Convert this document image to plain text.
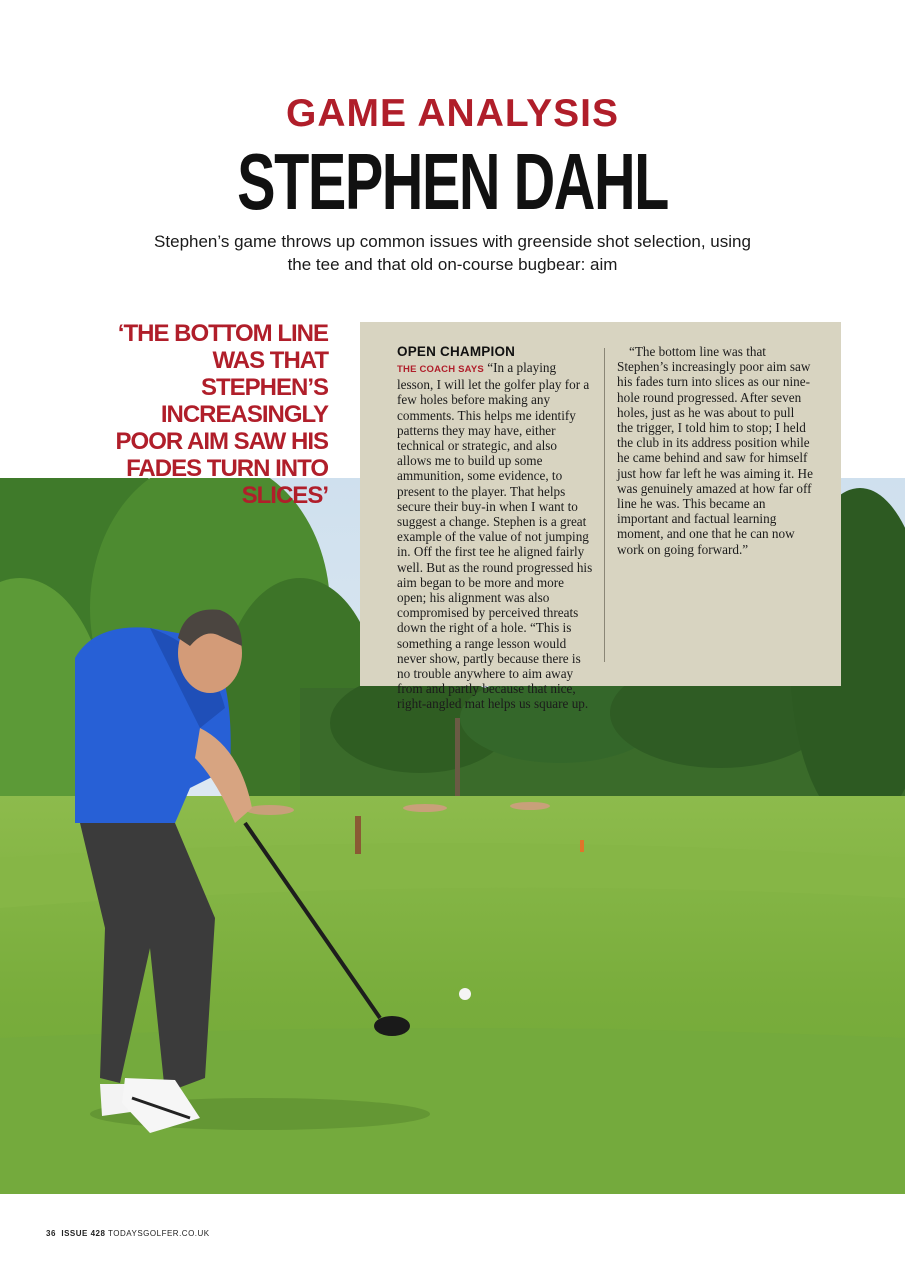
GAME ANALYSIS
STEPHEN DAHL
Stephen’s game throws up common issues with greenside shot selection, using the tee and that old on-course bugbear: aim
‘THE BOTTOM LINE WAS THAT STEPHEN’S INCREASINGLY POOR AIM SAW HIS FADES TURN INTO SLICES’
OPEN CHAMPION
THE COACH SAYS “In a playing lesson, I will let the golfer play for a few holes before making any comments. This helps me identify patterns they may have, either technical or strategic, and also allows me to build up some ammunition, some evidence, to present to the player. That helps secure their buy-in when I want to suggest a change. Stephen is a great example of the value of not jumping in. Off the first tee he aligned fairly well. But as the round progressed his aim began to be more and more open; his alignment was also compromised by perceived threats down the right of a hole. “This is something a range lesson would never show, partly because there is no trouble anywhere to aim away from and partly because that nice, right-angled mat helps us square up.
“The bottom line was that Stephen’s increasingly poor aim saw his fades turn into slices as our nine-hole round progressed. After seven holes, just as he was about to pull the trigger, I told him to stop; I held the club in its address position while he came behind and saw for himself just how far left he was aiming it. He was genuinely amazed at how far off line he was. This became an important and factual learning moment, and one that he can now work on going forward.”
36 ISSUE 428 TODAYSGOLFER.CO.UK
